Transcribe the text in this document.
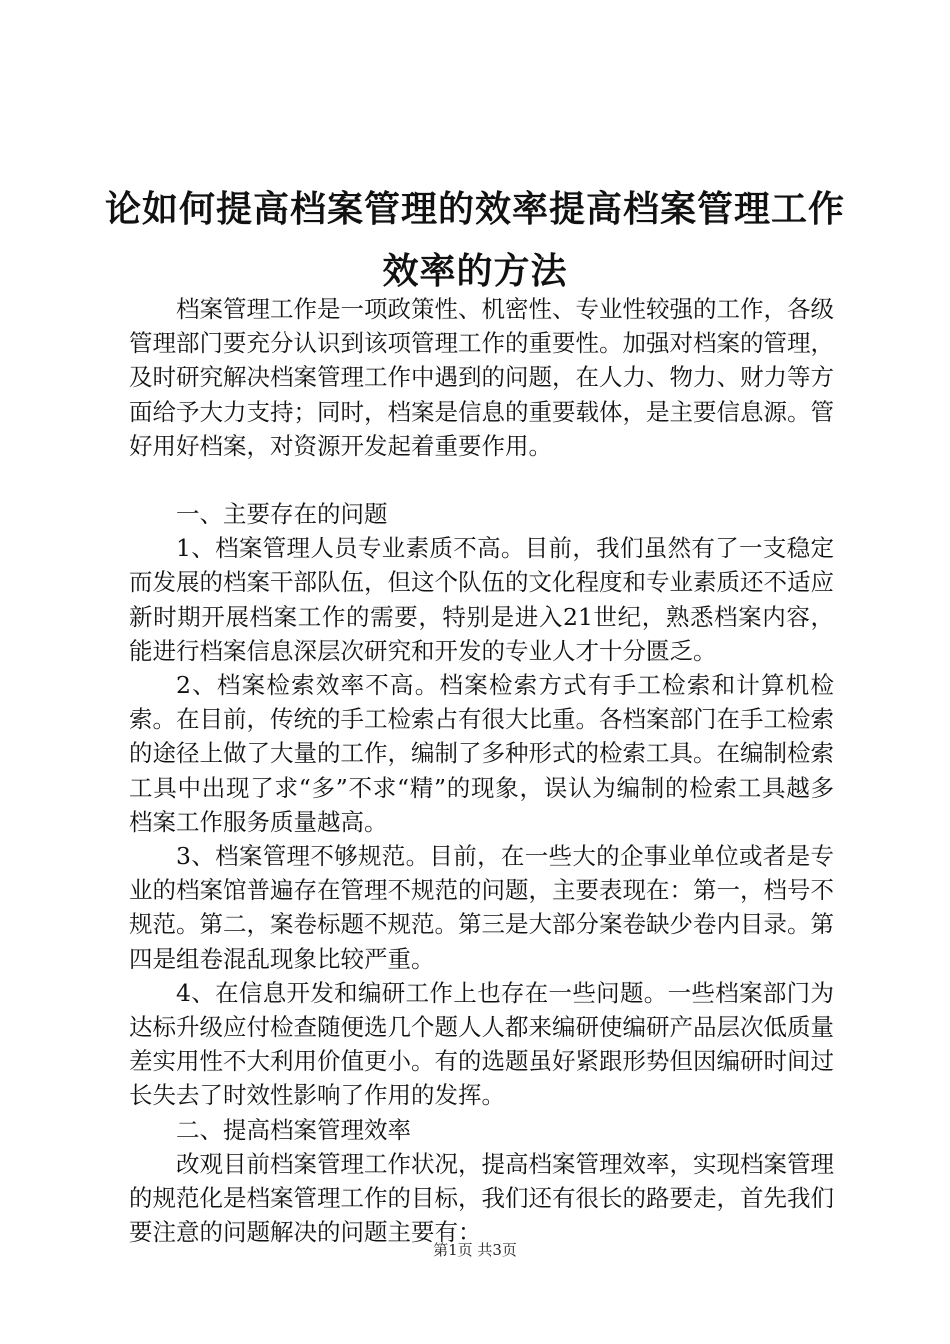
论如何提高档案管理的效率提高档案管理工作效率的方法

档案管理工作是一项政策性、机密性、专业性较强的工作，各级管理部门要充分认识到该项管理工作的重要性。加强对档案的管理，及时研究解决档案管理工作中遇到的问题，在人力、物力、财力等方面给予大力支持；同时，档案是信息的重要载体，是主要信息源。管好用好档案，对资源开发起着重要作用。

一、主要存在的问题

1、档案管理人员专业素质不高。目前，我们虽然有了一支稳定而发展的档案干部队伍，但这个队伍的文化程度和专业素质还不适应新时期开展档案工作的需要，特别是进入21世纪，熟悉档案内容，能进行档案信息深层次研究和开发的专业人才十分匮乏。

2、档案检索效率不高。档案检索方式有手工检索和计算机检索。在目前，传统的手工检索占有很大比重。各档案部门在手工检索的途径上做了大量的工作，编制了多种形式的检索工具。在编制检索工具中出现了求“多”不求“精”的现象，误认为编制的检索工具越多档案工作服务质量越高。

3、档案管理不够规范。目前，在一些大的企事业单位或者是专业的档案馆普遍存在管理不规范的问题，主要表现在：第一，档号不规范。第二，案卷标题不规范。第三是大部分案卷缺少卷内目录。第四是组卷混乱现象比较严重。

4、在信息开发和编研工作上也存在一些问题。一些档案部门为达标升级应付检查随便选几个题人人都来编研使编研产品层次低质量差实用性不大利用价值更小。有的选题虽好紧跟形势但因编研时间过长失去了时效性影响了作用的发挥。

二、提高档案管理效率

改观目前档案管理工作状况，提高档案管理效率，实现档案管理的规范化是档案管理工作的目标，我们还有很长的路要走，首先我们要注意的问题解决的问题主要有：

第1页 共3页
